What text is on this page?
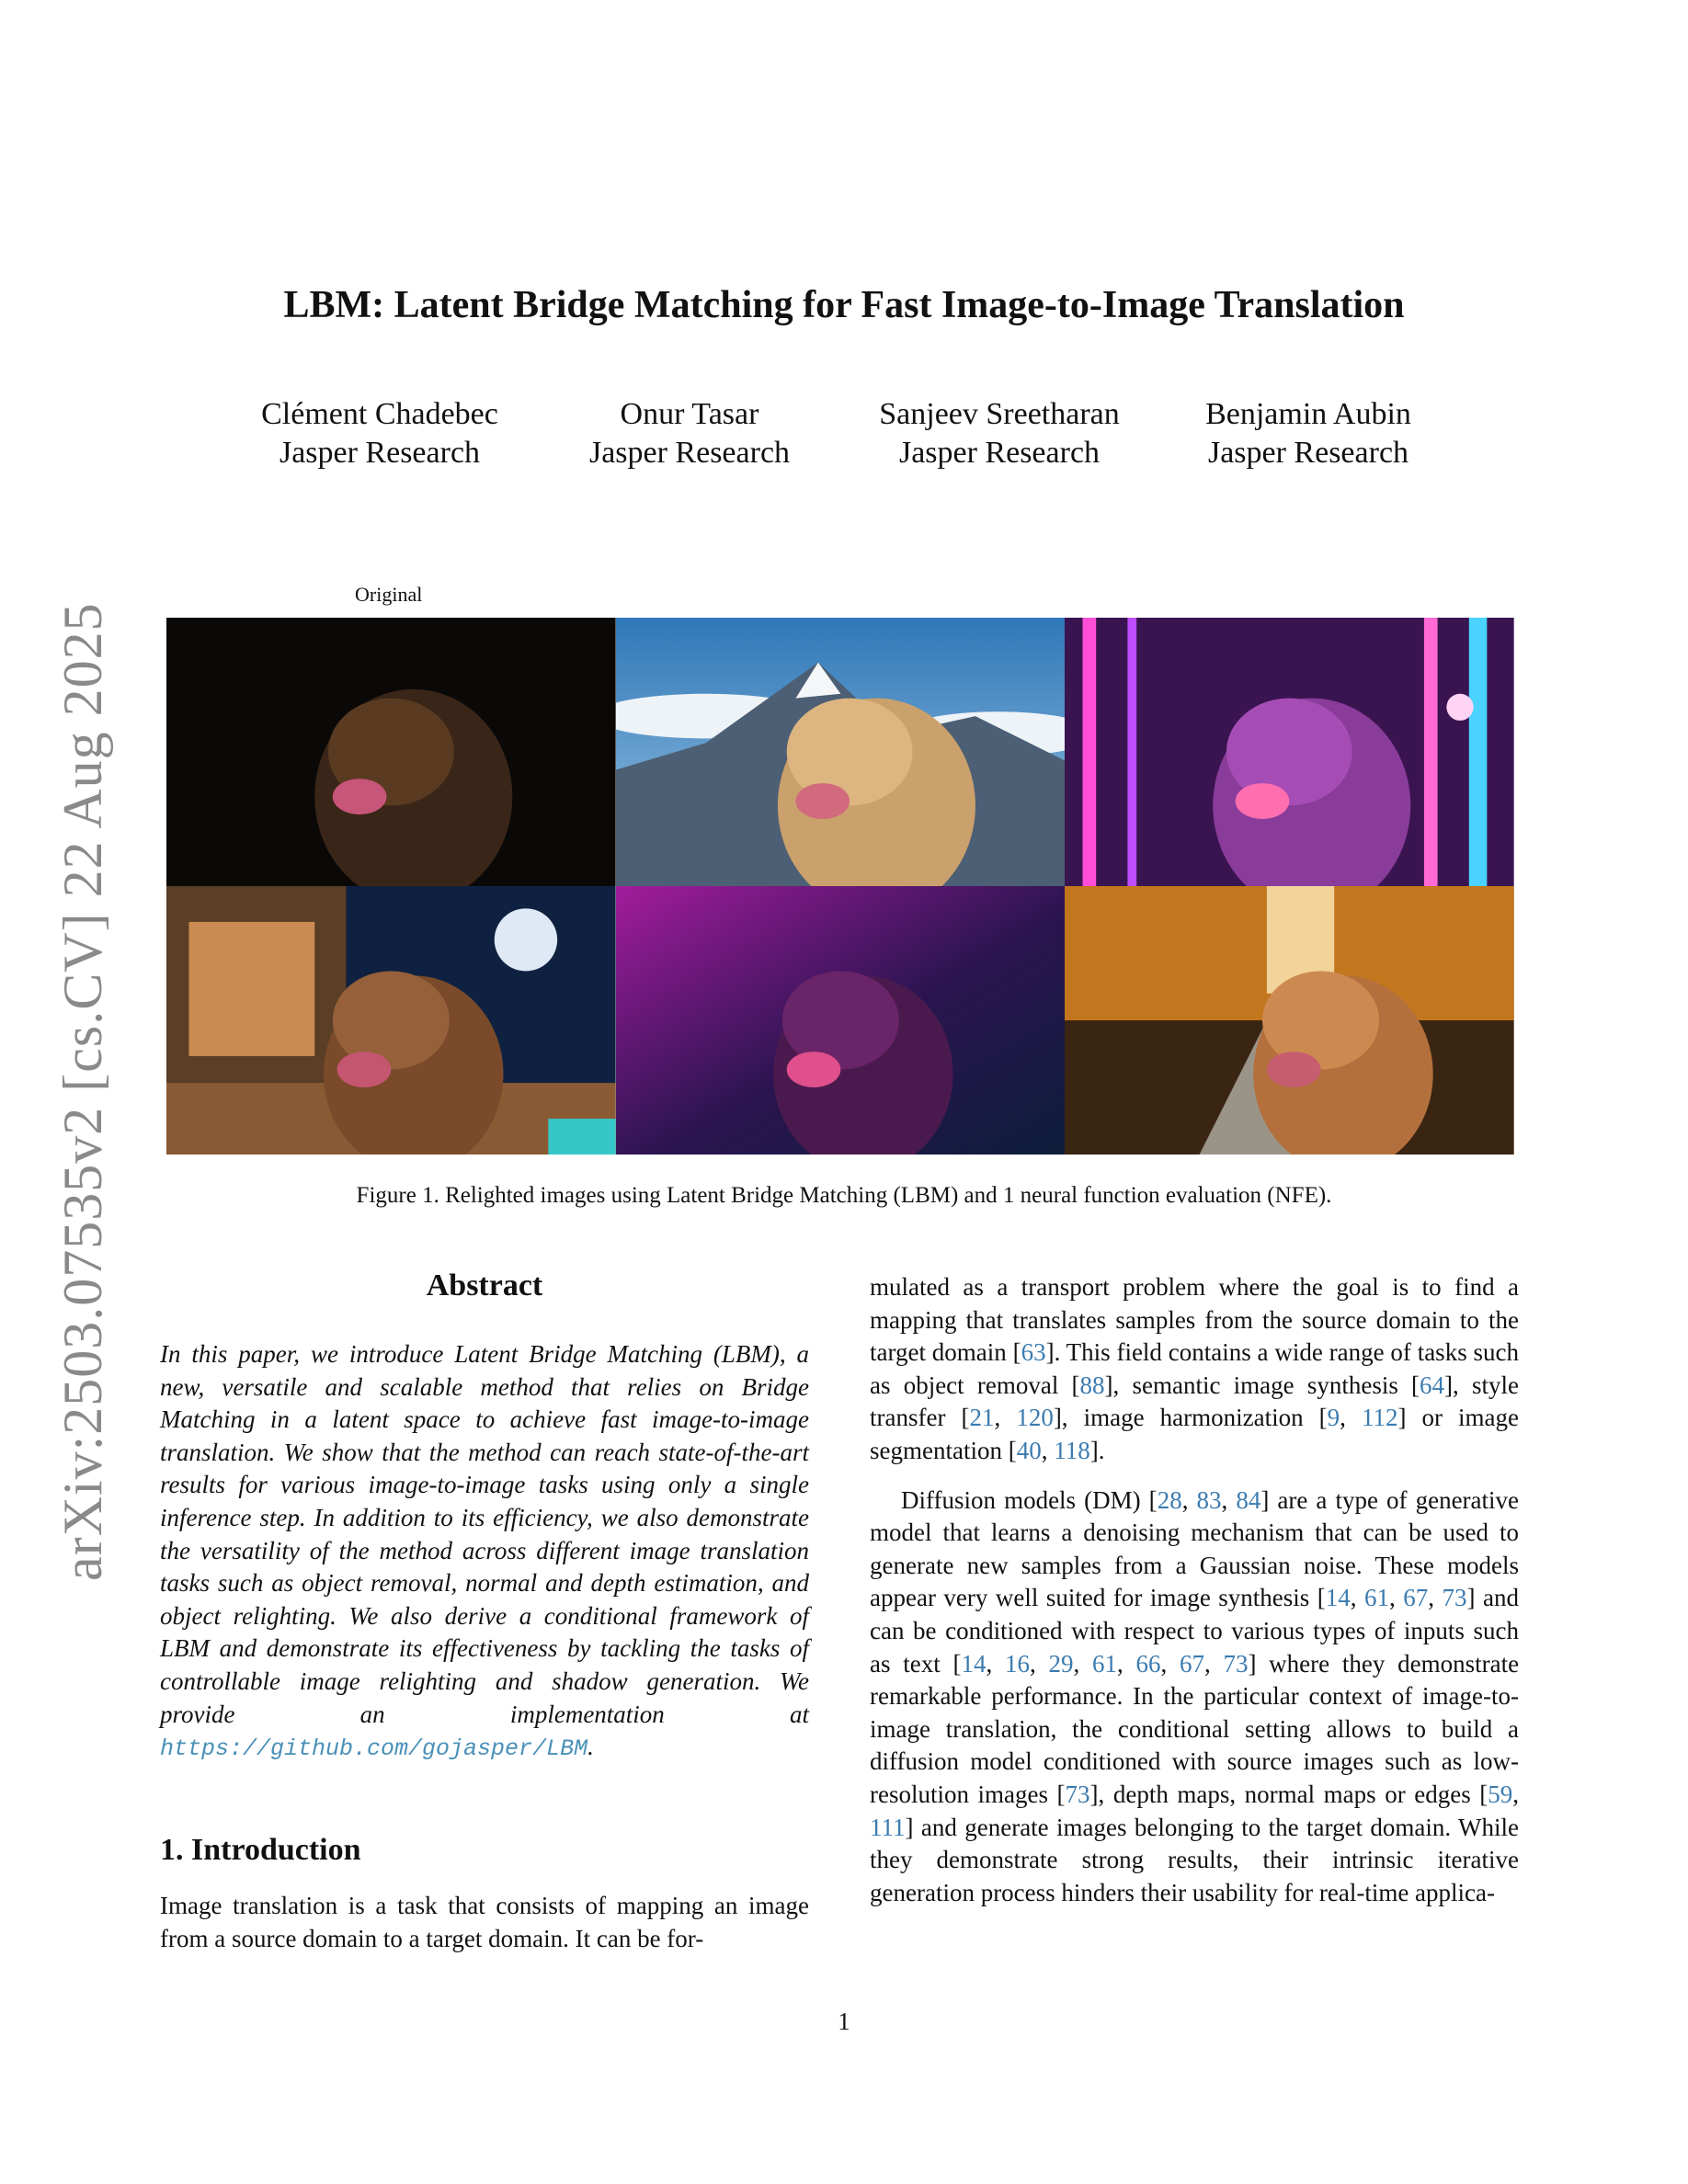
arXiv:2503.07535v2 [cs.CV] 22 Aug 2025
LBM: Latent Bridge Matching for Fast Image-to-Image Translation
Clément Chadebec
Jasper Research
Onur Tasar
Jasper Research
Sanjeev Sreetharan
Jasper Research
Benjamin Aubin
Jasper Research
Original
Figure 1. Relighted images using Latent Bridge Matching (LBM) and 1 neural function evaluation (NFE).
Abstract
In this paper, we introduce Latent Bridge Matching (LBM), a new, versatile and scalable method that relies on Bridge Matching in a latent space to achieve fast image-to-image translation. We show that the method can reach state-of-the-art results for various image-to-image tasks using only a single inference step. In addition to its efficiency, we also demonstrate the versatility of the method across different image translation tasks such as object removal, normal and depth estimation, and object relighting. We also derive a conditional framework of LBM and demonstrate its effectiveness by tackling the tasks of controllable image relighting and shadow generation. We provide an implementation at https://github.com/gojasper/LBM.
1. Introduction
Image translation is a task that consists of mapping an image from a source domain to a target domain. It can be for-

mulated as a transport problem where the goal is to find a mapping that translates samples from the source domain to the target domain [63]. This field contains a wide range of tasks such as object removal [88], semantic image synthesis [64], style transfer [21, 120], image harmonization [9, 112] or image segmentation [40, 118].

Diffusion models (DM) [28, 83, 84] are a type of generative model that learns a denoising mechanism that can be used to generate new samples from a Gaussian noise. These models appear very well suited for image synthesis [14, 61, 67, 73] and can be conditioned with respect to various types of inputs such as text [14, 16, 29, 61, 66, 67, 73] where they demonstrate remarkable performance. In the particular context of image-to-image translation, the conditional setting allows to build a diffusion model conditioned with source images such as low-resolution images [73], depth maps, normal maps or edges [59, 111] and generate images belonging to the target domain. While they demonstrate strong results, their intrinsic iterative generation process hinders their usability for real-time applica-

1
